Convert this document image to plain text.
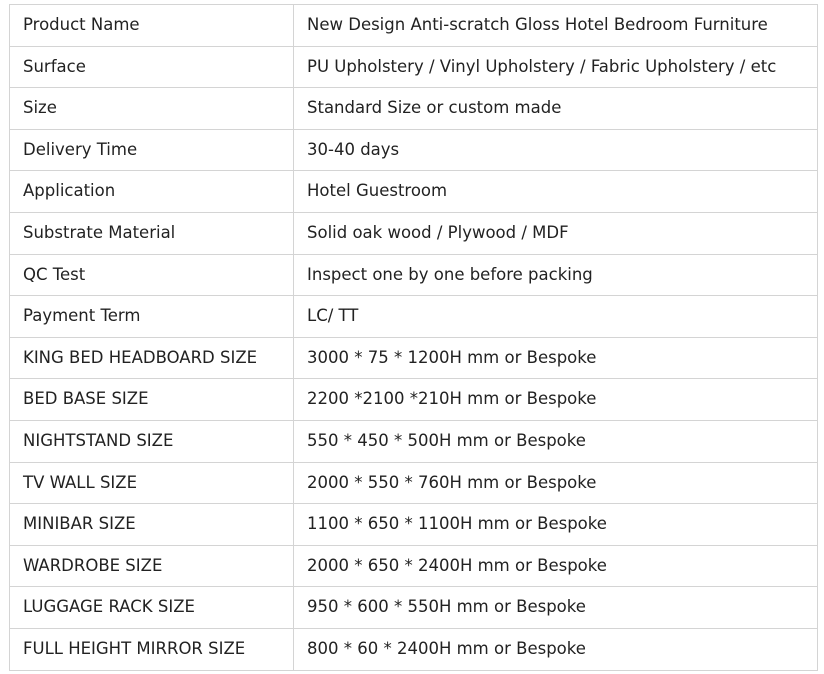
Product Name	New Design Anti-scratch Gloss Hotel Bedroom Furniture
Surface	PU Upholstery / Vinyl Upholstery / Fabric Upholstery / etc
Size	Standard Size or custom made
Delivery Time	30-40 days
Application	Hotel Guestroom
Substrate Material	Solid oak wood / Plywood / MDF
QC Test	Inspect one by one before packing
Payment Term	LC/ TT
KING BED HEADBOARD SIZE	3000 * 75 * 1200H mm or Bespoke
BED BASE SIZE	2200 *2100 *210H mm or Bespoke
NIGHTSTAND SIZE	550 * 450 * 500H mm or Bespoke
TV WALL SIZE	2000 * 550 * 760H mm or Bespoke
MINIBAR SIZE	1100 * 650 * 1100H mm or Bespoke
WARDROBE SIZE	2000 * 650 * 2400H mm or Bespoke
LUGGAGE RACK SIZE	950 * 600 * 550H mm or Bespoke
FULL HEIGHT MIRROR SIZE	800 * 60 * 2400H mm or Bespoke
